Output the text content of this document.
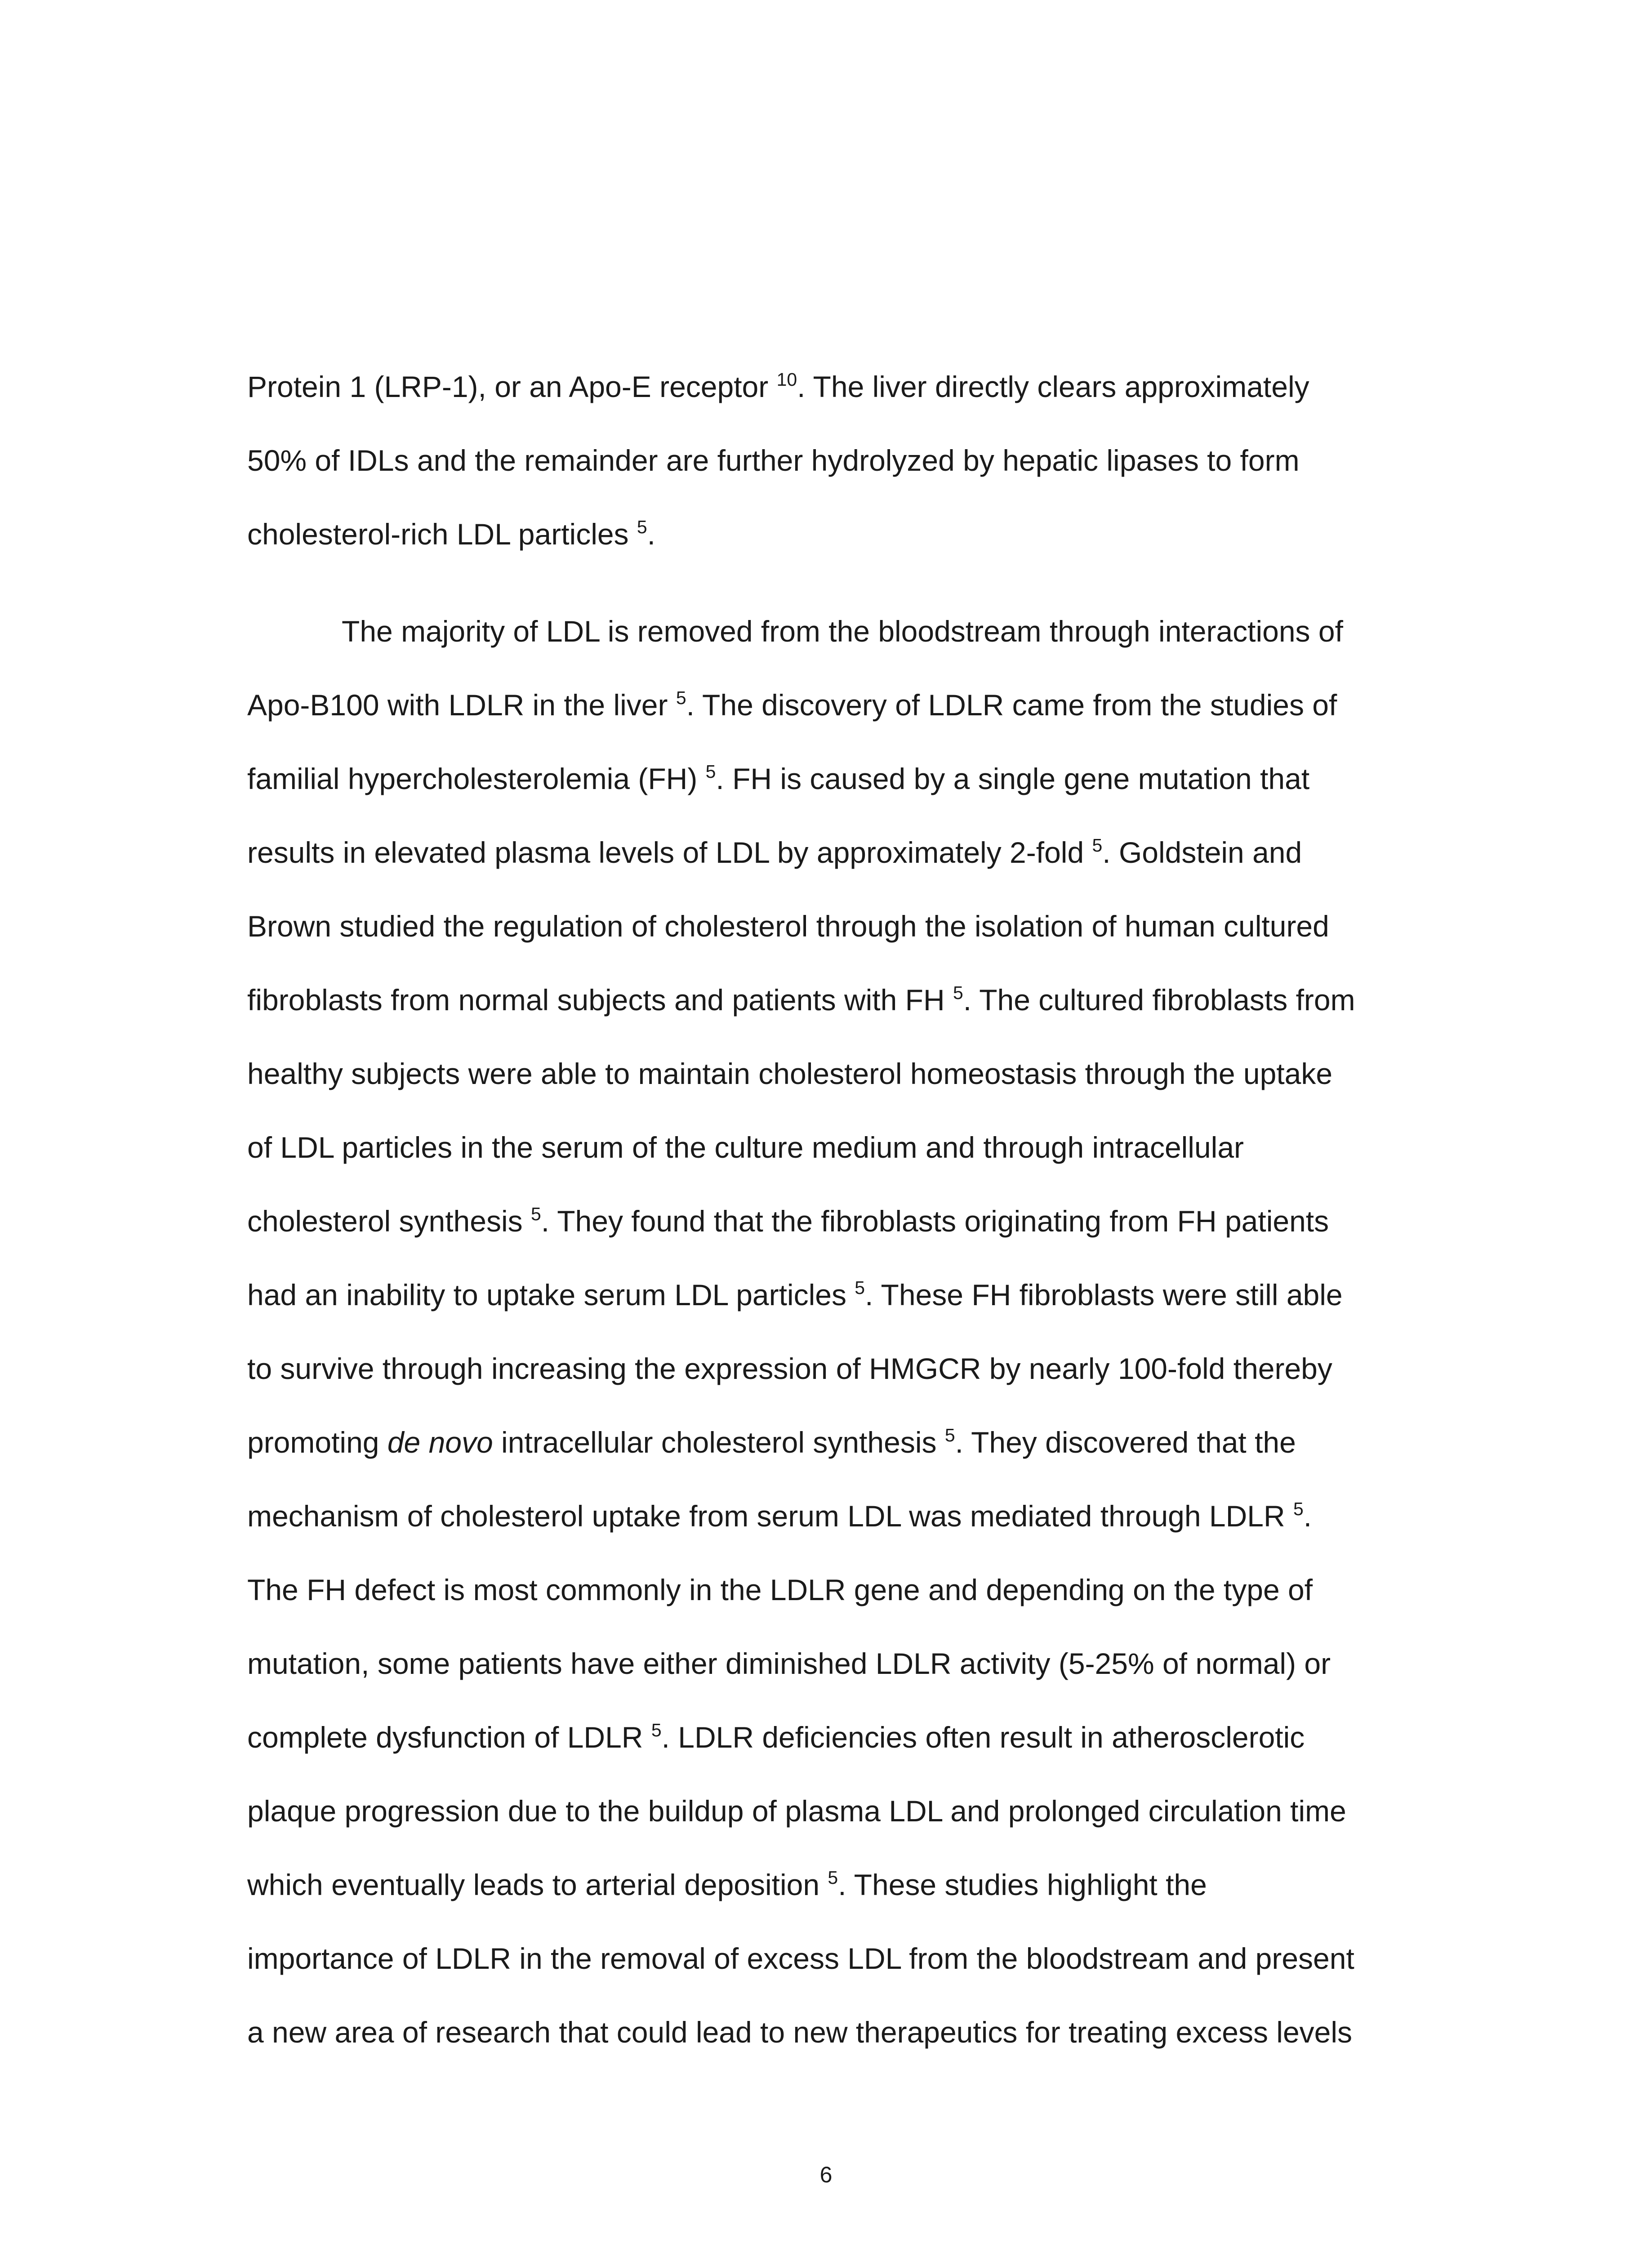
Protein 1 (LRP-1), or an Apo-E receptor $^{10}$. The liver directly clears approximately
50% of IDLs and the remainder are further hydrolyzed by hepatic lipases to form
cholesterol-rich LDL particles $^5$.

The majority of LDL is removed from the bloodstream through interactions of
Apo-B100 with LDLR in the liver $^5$. The discovery of LDLR came from the studies of
familial hypercholesterolemia (FH) $^5$. FH is caused by a single gene mutation that
results in elevated plasma levels of LDL by approximately 2-fold $^5$. Goldstein and
Brown studied the regulation of cholesterol through the isolation of human cultured
fibroblasts from normal subjects and patients with FH $^5$. The cultured fibroblasts from
healthy subjects were able to maintain cholesterol homeostasis through the uptake
of LDL particles in the serum of the culture medium and through intracellular
cholesterol synthesis $^5$. They found that the fibroblasts originating from FH patients
had an inability to uptake serum LDL particles $^5$. These FH fibroblasts were still able
to survive through increasing the expression of HMGCR by nearly 100-fold thereby
promoting de novo intracellular cholesterol synthesis $^5$. They discovered that the
mechanism of cholesterol uptake from serum LDL was mediated through LDLR $^5$.
The FH defect is most commonly in the LDLR gene and depending on the type of
mutation, some patients have either diminished LDLR activity (5-25% of normal) or
complete dysfunction of LDLR $^5$. LDLR deficiencies often result in atherosclerotic
plaque progression due to the buildup of plasma LDL and prolonged circulation time
which eventually leads to arterial deposition $^5$. These studies highlight the
importance of LDLR in the removal of excess LDL from the bloodstream and present
a new area of research that could lead to new therapeutics for treating excess levels

6
